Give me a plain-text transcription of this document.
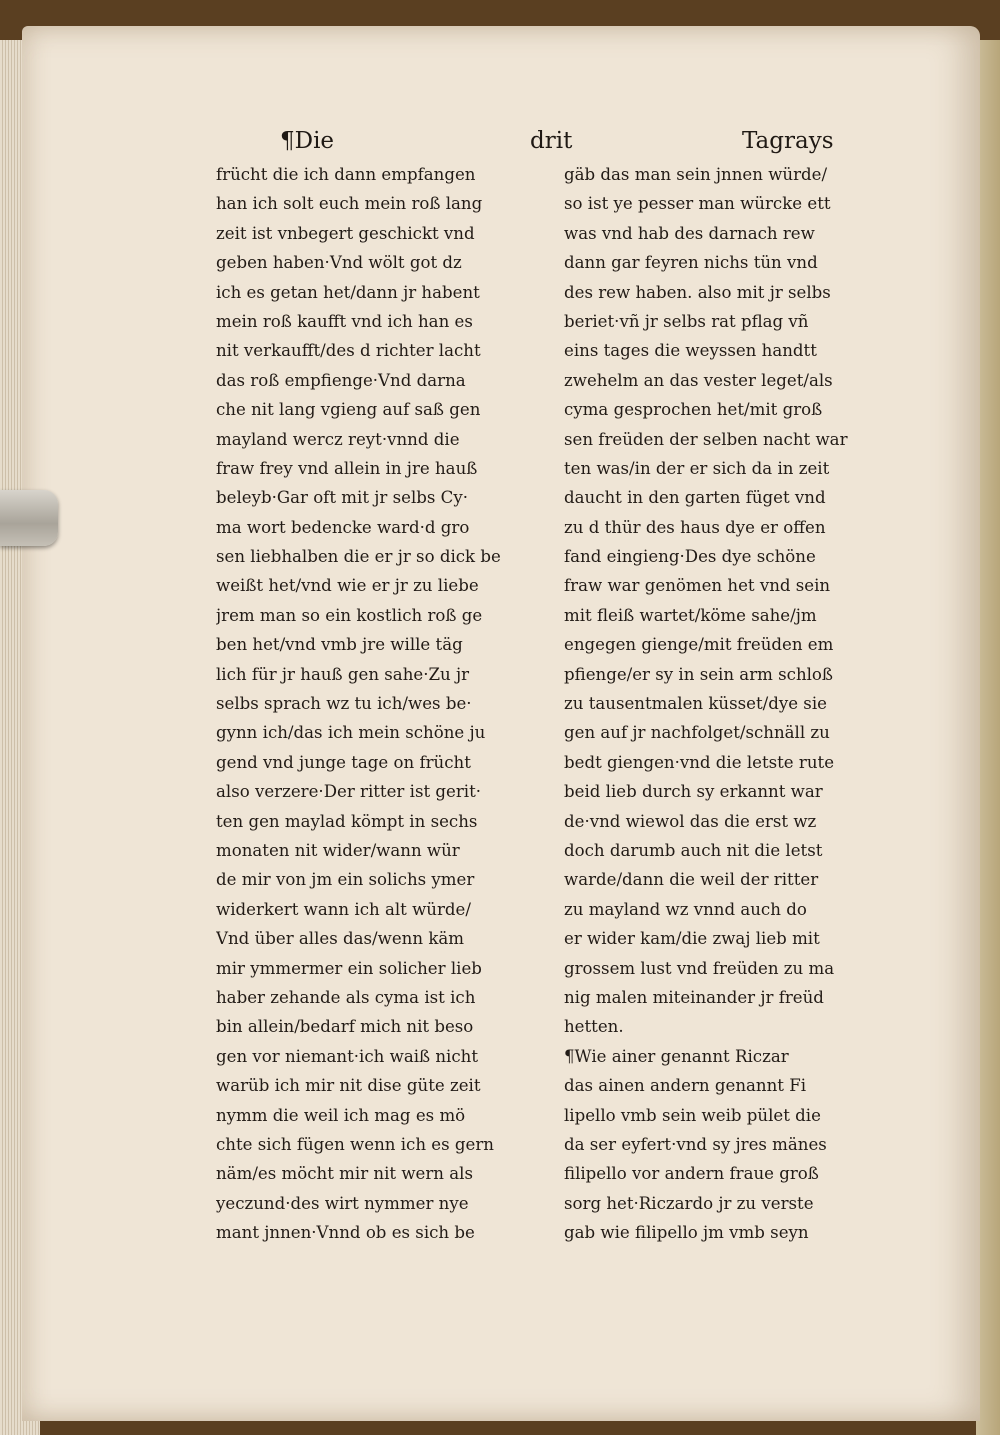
¶Die	drit	Tagrays
frücht die ich dann empfangen
han ich solt euch mein roß lang
zeit ist vnbegert geschickt vnd
geben haben·Vnd wölt got dz
ich es getan het/dann jr habent
mein roß kaufft vnd ich han es
nit verkaufft/des d richter lacht
das roß empfienge·Vnd darna
che nit lang vgieng auf saß gen
mayland wercz reyt·vnnd die
fraw frey vnd allein in jre hauß
beleyb·Gar oft mit jr selbs Cy·
ma wort bedencke ward·d gro
sen liebhalben die er jr so dick be
weißt het/vnd wie er jr zu liebe
jrem man so ein kostlich roß ge
ben het/vnd vmb jre wille täg
lich für jr hauß gen sahe·Zu jr
selbs sprach wz tu ich/wes be·
gynn ich/das ich mein schöne ju
gend vnd junge tage on frücht
also verzere·Der ritter ist gerit·
ten gen maylad kömpt in sechs
monaten nit wider/wann wür
de mir von jm ein solichs ymer
widerkert wann ich alt würde/
Vnd über alles das/wenn käm
mir ymmermer ein solicher lieb
haber zehande als cyma ist ich
bin allein/bedarf mich nit beso
gen vor niemant·ich waiß nicht
warüb ich mir nit dise güte zeit
nymm die weil ich mag es mö
chte sich fügen wenn ich es gern
näm/es möcht mir nit wern als
yeczund·des wirt nymmer nye
mant jnnen·Vnnd ob es sich be
gäb das man sein jnnen würde/
so ist ye pesser man würcke ett
was vnd hab des darnach rew
dann gar feyren nichs tün vnd
des rew haben. also mit jr selbs
beriet·vñ jr selbs rat pflag vñ
eins tages die weyssen handtt
zwehelm an das vester leget/als
cyma gesprochen het/mit groß
sen freüden der selben nacht war
ten was/in der er sich da in zeit
daucht in den garten füget vnd
zu d thür des haus dye er offen
fand eingieng·Des dye schöne
fraw war genömen het vnd sein
mit fleiß wartet/köme sahe/jm
engegen gienge/mit freüden em
pfienge/er sy in sein arm schloß
zu tausentmalen küsset/dye sie
gen auf jr nachfolget/schnäll zu
bedt giengen·vnd die letste rute
beid lieb durch sy erkannt war
de·vnd wiewol das die erst wz
doch darumb auch nit die letst
warde/dann die weil der ritter
zu mayland wz vnnd auch do
er wider kam/die zwaj lieb mit
grossem lust vnd freüden zu ma
nig malen miteinander jr freüd
hetten.
¶Wie ainer genannt Riczar
das ainen andern genannt Fi
lipello vmb sein weib pület die
da ser eyfert·vnd sy jres mänes
filipello vor andern fraue groß
sorg het·Riczardo jr zu verste
gab wie filipello jm vmb seyn
